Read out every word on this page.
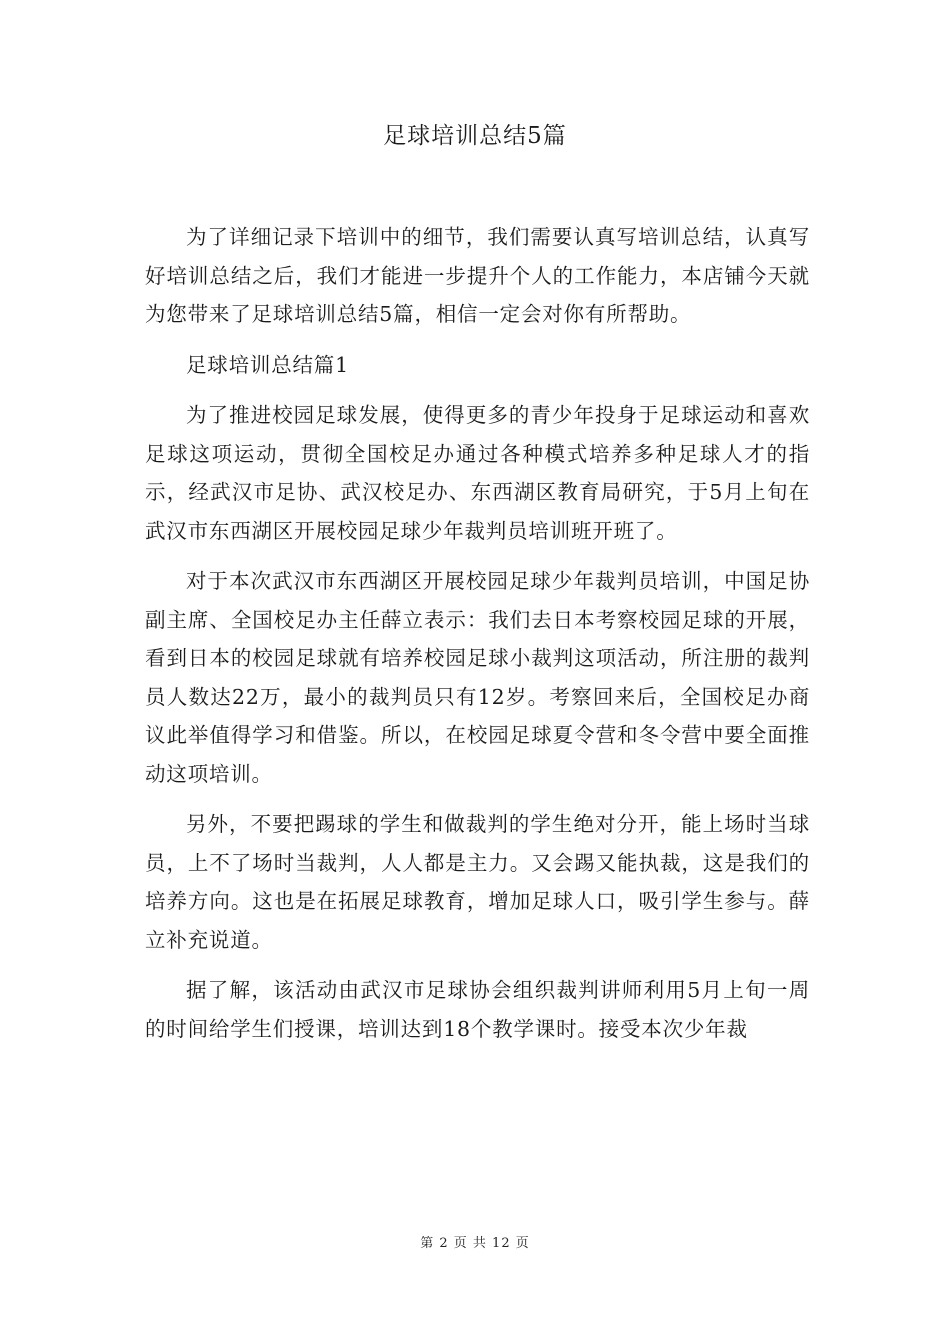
足球培训总结5篇

为了详细记录下培训中的细节，我们需要认真写培训总结，认真写好培训总结之后，我们才能进一步提升个人的工作能力，本店铺今天就为您带来了足球培训总结5篇，相信一定会对你有所帮助。

足球培训总结篇1

为了推进校园足球发展，使得更多的青少年投身于足球运动和喜欢足球这项运动，贯彻全国校足办通过各种模式培养多种足球人才的指示，经武汉市足协、武汉校足办、东西湖区教育局研究，于5月上旬在武汉市东西湖区开展校园足球少年裁判员培训班开班了。

对于本次武汉市东西湖区开展校园足球少年裁判员培训，中国足协副主席、全国校足办主任薛立表示：我们去日本考察校园足球的开展，看到日本的校园足球就有培养校园足球小裁判这项活动，所注册的裁判员人数达22万，最小的裁判员只有12岁。考察回来后，全国校足办商议此举值得学习和借鉴。所以，在校园足球夏令营和冬令营中要全面推动这项培训。

另外，不要把踢球的学生和做裁判的学生绝对分开，能上场时当球员，上不了场时当裁判，人人都是主力。又会踢又能执裁，这是我们的培养方向。这也是在拓展足球教育，增加足球人口，吸引学生参与。薛立补充说道。

据了解，该活动由武汉市足球协会组织裁判讲师利用5月上旬一周的时间给学生们授课，培训达到18个教学课时。接受本次少年裁

第 2 页 共 12 页
